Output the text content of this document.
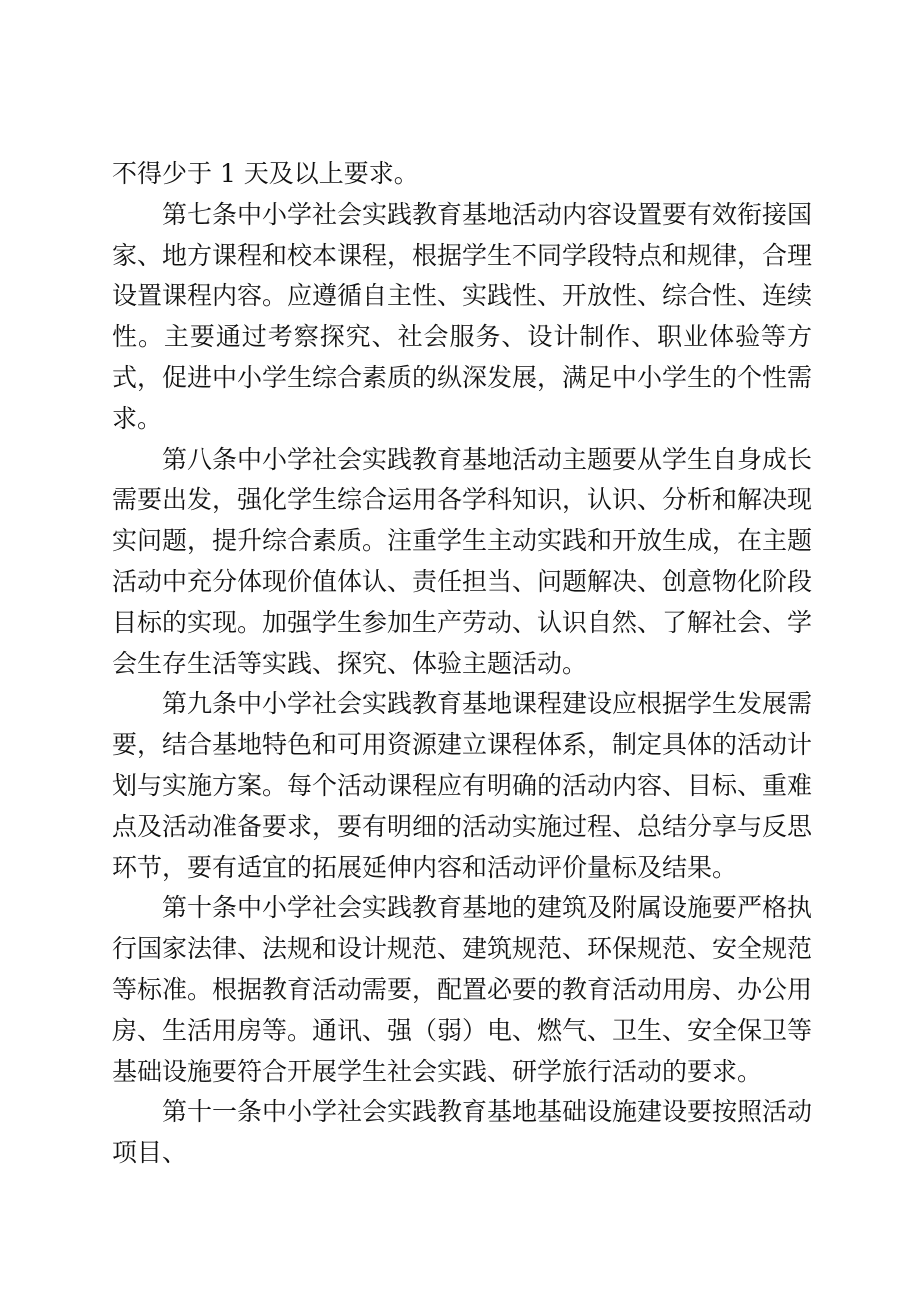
不得少于 1 天及以上要求。

第七条中小学社会实践教育基地活动内容设置要有效衔接国家、地方课程和校本课程，根据学生不同学段特点和规律，合理设置课程内容。应遵循自主性、实践性、开放性、综合性、连续性。主要通过考察探究、社会服务、设计制作、职业体验等方式，促进中小学生综合素质的纵深发展，满足中小学生的个性需求。

第八条中小学社会实践教育基地活动主题要从学生自身成长需要出发，强化学生综合运用各学科知识，认识、分析和解决现实问题，提升综合素质。注重学生主动实践和开放生成，在主题活动中充分体现价值体认、责任担当、问题解决、创意物化阶段目标的实现。加强学生参加生产劳动、认识自然、了解社会、学会生存生活等实践、探究、体验主题活动。

第九条中小学社会实践教育基地课程建设应根据学生发展需要，结合基地特色和可用资源建立课程体系，制定具体的活动计划与实施方案。每个活动课程应有明确的活动内容、目标、重难点及活动准备要求，要有明细的活动实施过程、总结分享与反思环节，要有适宜的拓展延伸内容和活动评价量标及结果。

第十条中小学社会实践教育基地的建筑及附属设施要严格执行国家法律、法规和设计规范、建筑规范、环保规范、安全规范等标准。根据教育活动需要，配置必要的教育活动用房、办公用房、生活用房等。通讯、强（弱）电、燃气、卫生、安全保卫等基础设施要符合开展学生社会实践、研学旅行活动的要求。

第十一条中小学社会实践教育基地基础设施建设要按照活动项目、
